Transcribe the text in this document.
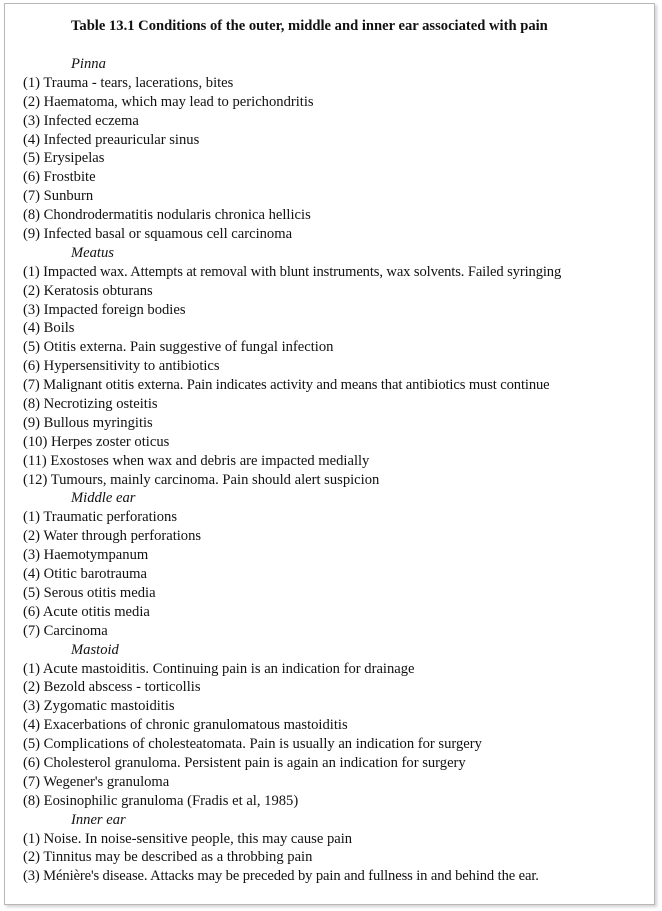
Table 13.1 Conditions of the outer, middle and inner ear associated with pain
Pinna
(1) Trauma - tears, lacerations, bites
(2) Haematoma, which may lead to perichondritis
(3) Infected eczema
(4) Infected preauricular sinus
(5) Erysipelas
(6) Frostbite
(7) Sunburn
(8) Chondrodermatitis nodularis chronica hellicis
(9) Infected basal or squamous cell carcinoma
Meatus
(1) Impacted wax. Attempts at removal with blunt instruments, wax solvents. Failed syringing
(2) Keratosis obturans
(3) Impacted foreign bodies
(4) Boils
(5) Otitis externa. Pain suggestive of fungal infection
(6) Hypersensitivity to antibiotics
(7) Malignant otitis externa. Pain indicates activity and means that antibiotics must continue
(8) Necrotizing osteitis
(9) Bullous myringitis
(10) Herpes zoster oticus
(11) Exostoses when wax and debris are impacted medially
(12) Tumours, mainly carcinoma. Pain should alert suspicion
Middle ear
(1) Traumatic perforations
(2) Water through perforations
(3) Haemotympanum
(4) Otitic barotrauma
(5) Serous otitis media
(6) Acute otitis media
(7) Carcinoma
Mastoid
(1) Acute mastoiditis. Continuing pain is an indication for drainage
(2) Bezold abscess - torticollis
(3) Zygomatic mastoiditis
(4) Exacerbations of chronic granulomatous mastoiditis
(5) Complications of cholesteatomata. Pain is usually an indication for surgery
(6) Cholesterol granuloma. Persistent pain is again an indication for surgery
(7) Wegener's granuloma
(8) Eosinophilic granuloma (Fradis et al, 1985)
Inner ear
(1) Noise. In noise-sensitive people, this may cause pain
(2) Tinnitus may be described as a throbbing pain
(3) Ménière's disease. Attacks may be preceded by pain and fullness in and behind the ear.
